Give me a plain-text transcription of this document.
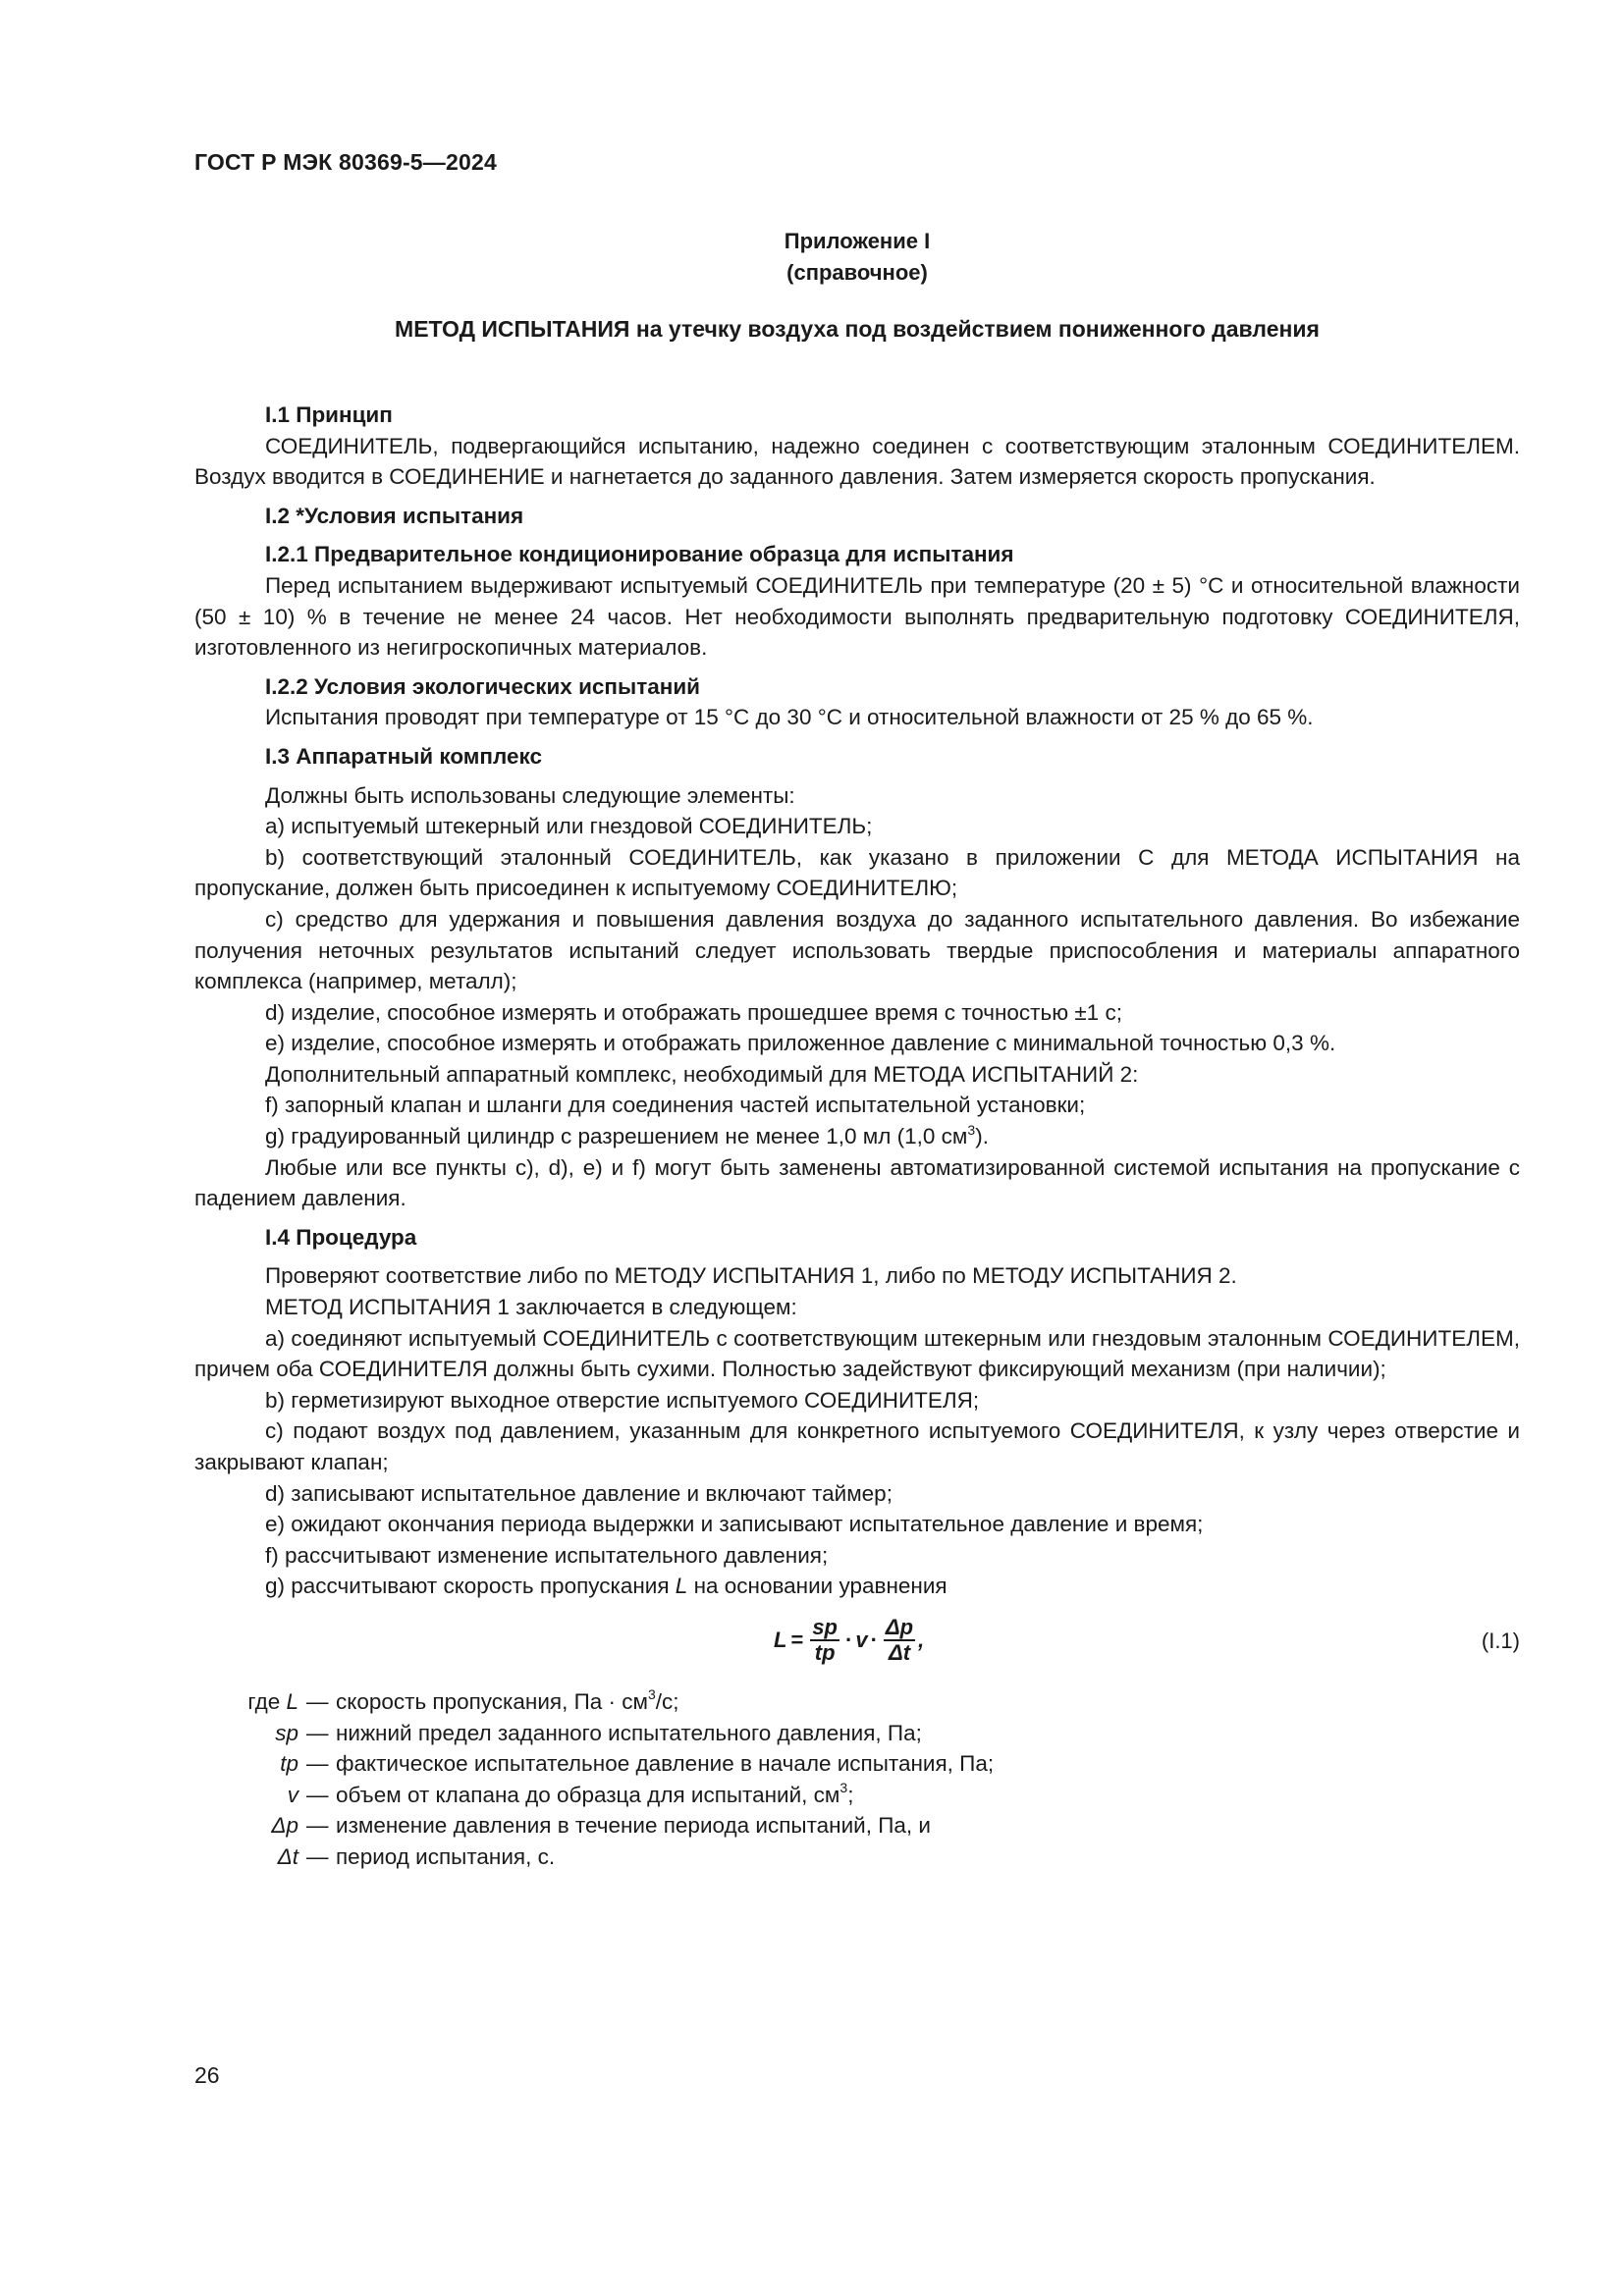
ГОСТ Р МЭК 80369-5—2024
Приложение I
(справочное)
МЕТОД ИСПЫТАНИЯ на утечку воздуха под воздействием пониженного давления

I.1 Принцип

СОЕДИНИТЕЛЬ, подвергающийся испытанию, надежно соединен с соответствующим эталонным СОЕДИНИТЕЛЕМ. Воздух вводится в СОЕДИНЕНИЕ и нагнетается до заданного давления. Затем измеряется скорость пропускания.

I.2 *Условия испытания

I.2.1 Предварительное кондиционирование образца для испытания

Перед испытанием выдерживают испытуемый СОЕДИНИТЕЛЬ при температуре (20 ± 5) °С и относительной влажности (50 ± 10) % в течение не менее 24 часов. Нет необходимости выполнять предварительную подготовку СОЕДИНИТЕЛЯ, изготовленного из негигроскопичных материалов.

I.2.2 Условия экологических испытаний

Испытания проводят при температуре от 15 °С до 30 °С и относительной влажности от 25 % до 65 %.

I.3 Аппаратный комплекс

Должны быть использованы следующие элементы:

a) испытуемый штекерный или гнездовой СОЕДИНИТЕЛЬ;

b) соответствующий эталонный СОЕДИНИТЕЛЬ, как указано в приложении С для МЕТОДА ИСПЫТАНИЯ на пропускание, должен быть присоединен к испытуемому СОЕДИНИТЕЛЮ;

c) средство для удержания и повышения давления воздуха до заданного испытательного давления. Во избежание получения неточных результатов испытаний следует использовать твердые приспособления и материалы аппаратного комплекса (например, металл);

d) изделие, способное измерять и отображать прошедшее время с точностью ±1 с;

e) изделие, способное измерять и отображать приложенное давление с минимальной точностью 0,3 %.

Дополнительный аппаратный комплекс, необходимый для МЕТОДА ИСПЫТАНИЙ 2:

f) запорный клапан и шланги для соединения частей испытательной установки;

g) градуированный цилиндр с разрешением не менее 1,0 мл (1,0 $см^3$).

Любые или все пункты c), d), e) и f) могут быть заменены автоматизированной системой испытания на пропускание с падением давления.

I.4 Процедура

Проверяют соответствие либо по МЕТОДУ ИСПЫТАНИЯ 1, либо по МЕТОДУ ИСПЫТАНИЯ 2.

МЕТОД ИСПЫТАНИЯ 1 заключается в следующем:

a) соединяют испытуемый СОЕДИНИТЕЛЬ с соответствующим штекерным или гнездовым эталонным СОЕДИНИТЕЛЕМ, причем оба СОЕДИНИТЕЛЯ должны быть сухими. Полностью задействуют фиксирующий механизм (при наличии);

b) герметизируют выходное отверстие испытуемого СОЕДИНИТЕЛЯ;

c) подают воздух под давлением, указанным для конкретного испытуемого СОЕДИНИТЕЛЯ, к узлу через отверстие и закрывают клапан;

d) записывают испытательное давление и включают таймер;

e) ожидают окончания периода выдержки и записывают испытательное давление и время;

f) рассчитывают изменение испытательного давления;

g) рассчитывают скорость пропускания L на основании уравнения

$L = \frac{sp}{tp} \cdot v \cdot \frac{\Delta p}{\Delta t}$ ,	(I.1)
где L — скорость пропускания, Па · $см^3/с$;
sp — нижний предел заданного испытательного давления, Па;
tp — фактическое испытательное давление в начале испытания, Па;
v — объем от клапана до образца для испытаний, $см^3$;
Δp — изменение давления в течение периода испытаний, Па, и
Δt — период испытания, с.
26
